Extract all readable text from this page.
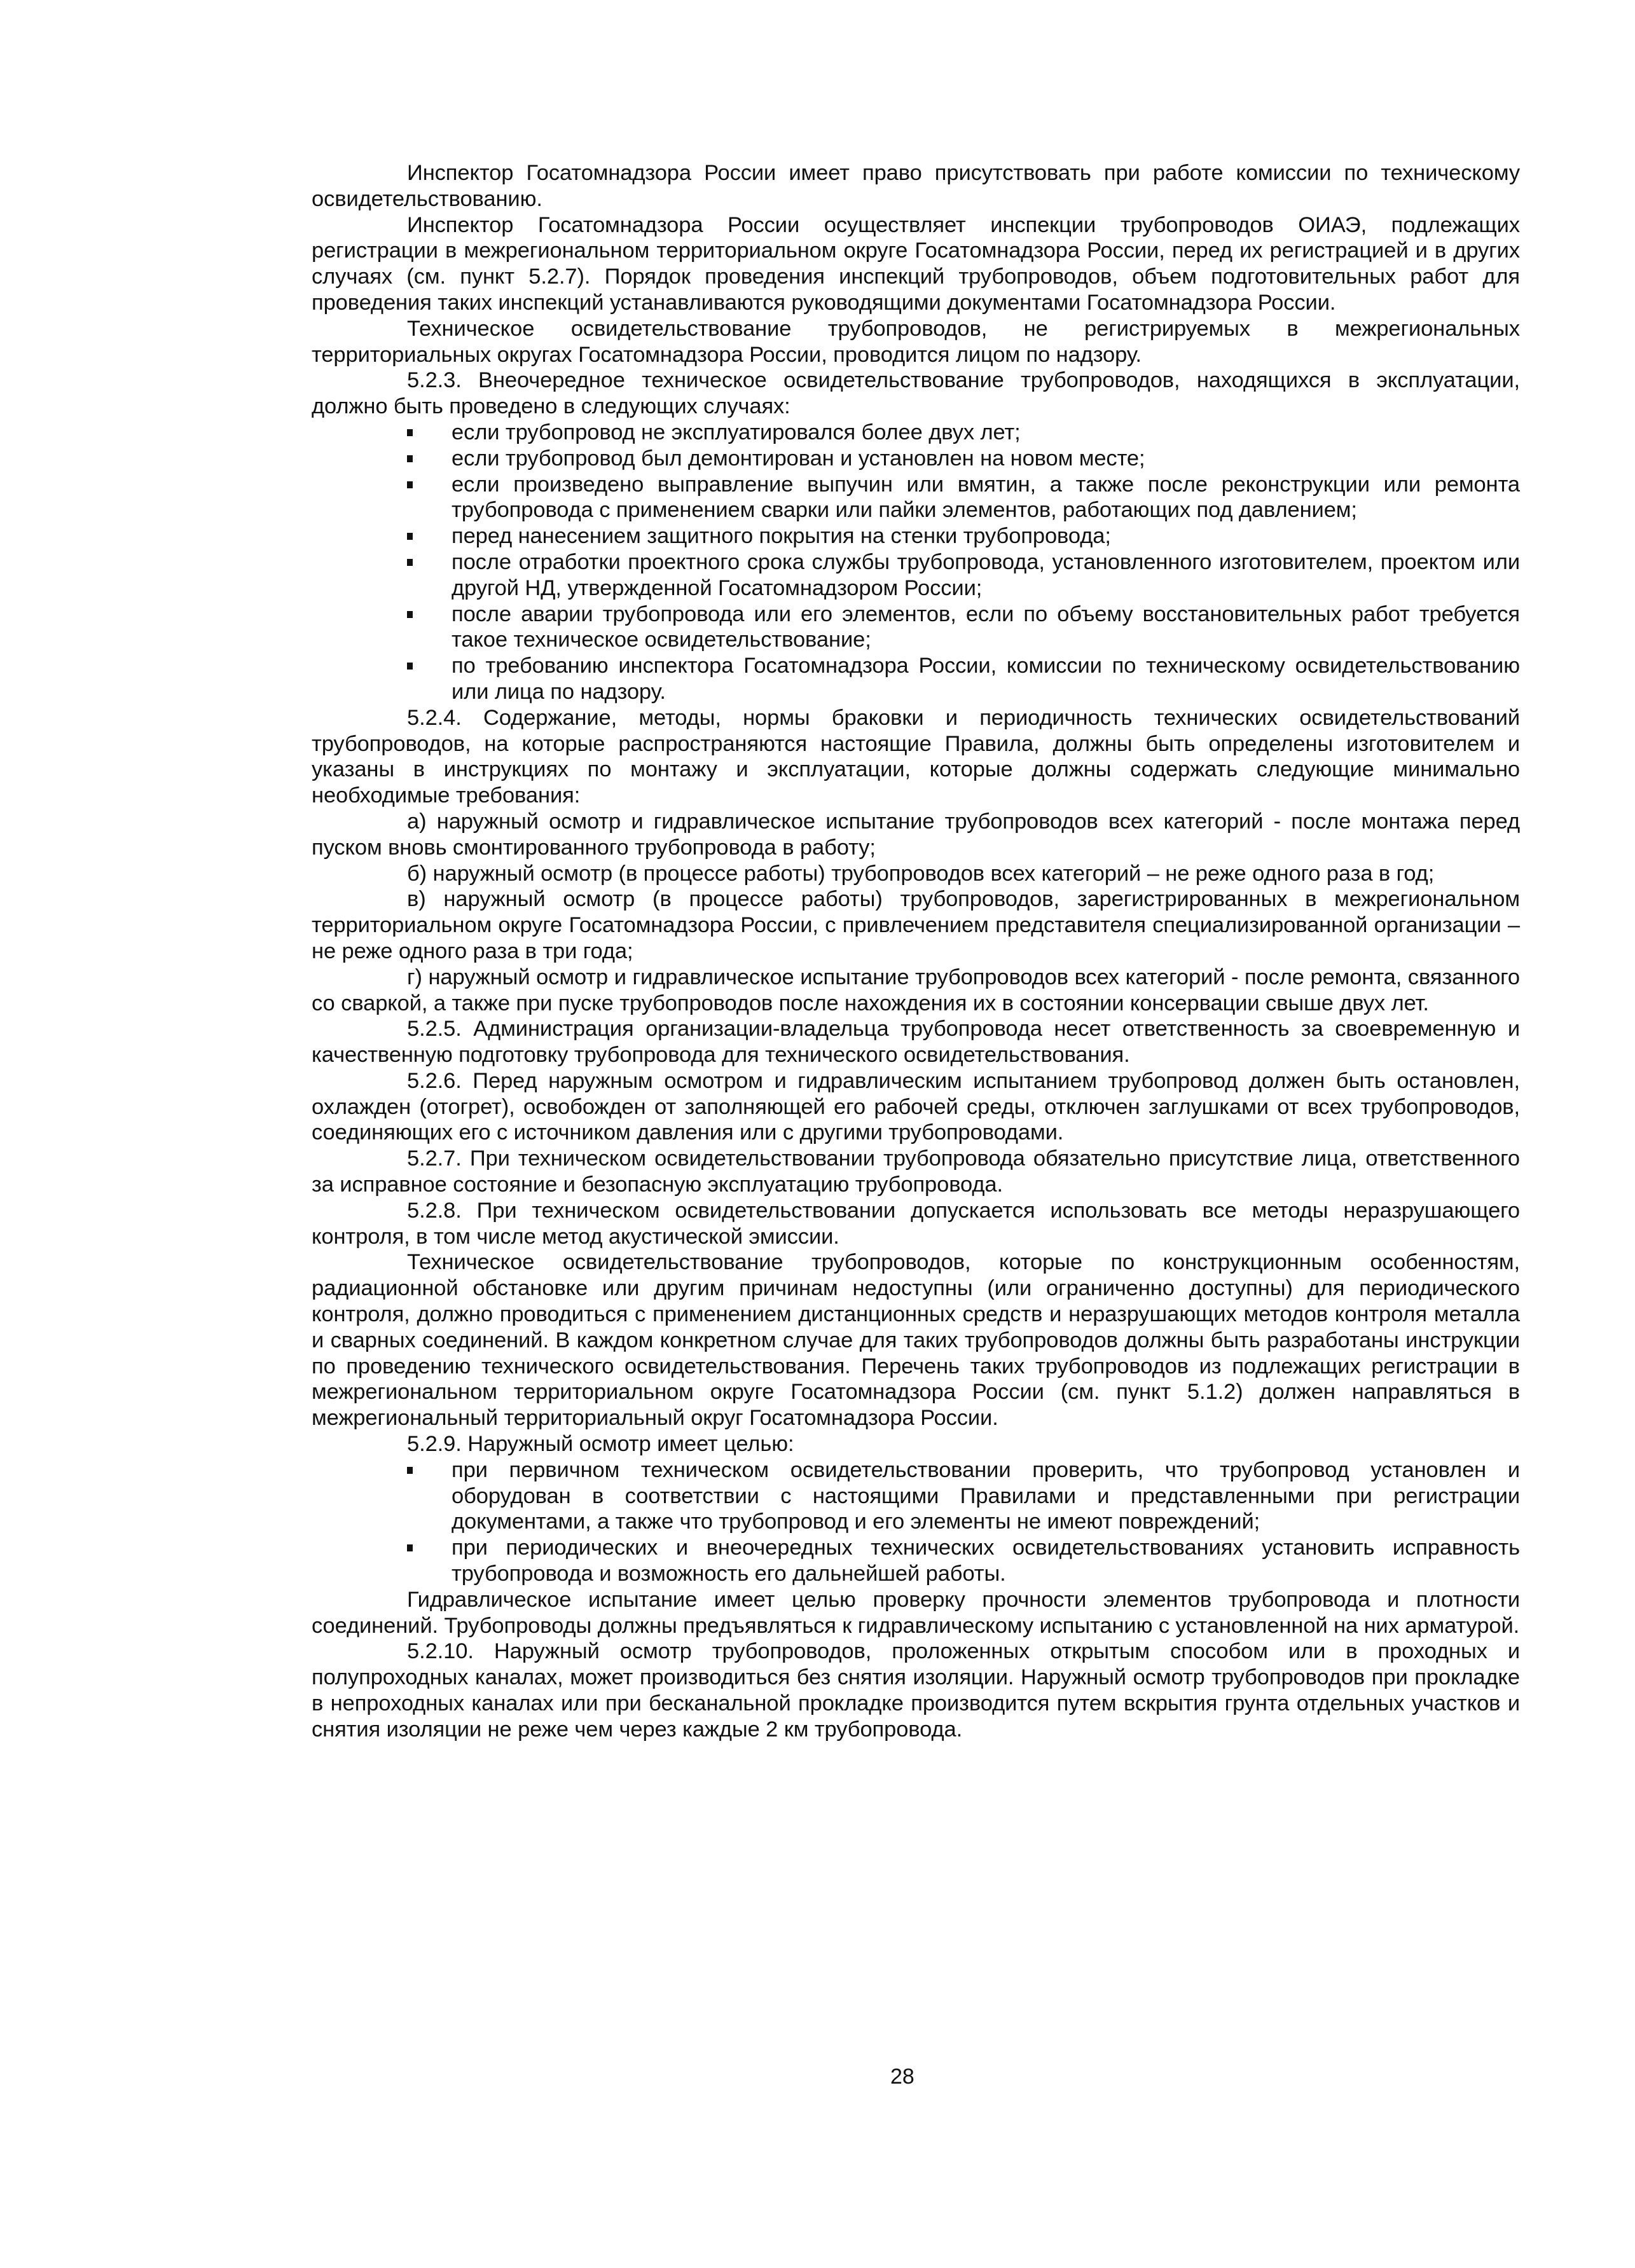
Инспектор Госатомнадзора России имеет право присутствовать при работе комиссии по техническому освидетельствованию.

Инспектор Госатомнадзора России осуществляет инспекции трубопроводов ОИАЭ, подлежащих регистрации в межрегиональном территориальном округе Госатомнадзора России, перед их регистрацией и в других случаях (см. пункт 5.2.7). Порядок проведения инспекций трубопроводов, объем подготовительных работ для проведения таких инспекций устанавливаются руководящими документами Госатомнадзора России.

Техническое освидетельствование трубопроводов, не регистрируемых в межрегиональных территориальных округах Госатомнадзора России, проводится лицом по надзору.

5.2.3. Внеочередное техническое освидетельствование трубопроводов, находящихся в эксплуатации, должно быть проведено в следующих случаях:

если трубопровод не эксплуатировался более двух лет;
если трубопровод был демонтирован и установлен на новом месте;
если произведено выправление выпучин или вмятин, а также после реконструкции или ремонта трубопровода с применением сварки или пайки элементов, работающих под давлением;
перед нанесением защитного покрытия на стенки трубопровода;
после отработки проектного срока службы трубопровода, установленного изготовителем, проектом или другой НД, утвержденной Госатомнадзором России;
после аварии трубопровода или его элементов, если по объему восстановительных работ требуется такое техническое освидетельствование;
по требованию инспектора Госатомнадзора России, комиссии по техническому освидетельствованию или лица по надзору.

5.2.4. Содержание, методы, нормы браковки и периодичность технических освидетельствований трубопроводов, на которые распространяются настоящие Правила, должны быть определены изготовителем и указаны в инструкциях по монтажу и эксплуатации, которые должны содержать следующие минимально необходимые требования:

а) наружный осмотр и гидравлическое испытание трубопроводов всех категорий - после монтажа перед пуском вновь смонтированного трубопровода в работу;

б) наружный осмотр (в процессе работы) трубопроводов всех категорий – не реже одного раза в год;

в) наружный осмотр (в процессе работы) трубопроводов, зарегистрированных в межрегиональном территориальном округе Госатомнадзора России, с привлечением представителя специализированной организации – не реже одного раза в три года;

г) наружный осмотр и гидравлическое испытание трубопроводов всех категорий - после ремонта, связанного со сваркой, а также при пуске трубопроводов после нахождения их в состоянии консервации свыше двух лет.

5.2.5. Администрация организации-владельца трубопровода несет ответственность за своевременную и качественную подготовку трубопровода для технического освидетельствования.

5.2.6. Перед наружным осмотром и гидравлическим испытанием трубопровод должен быть остановлен, охлажден (отогрет), освобожден от заполняющей его рабочей среды, отключен заглушками от всех трубопроводов, соединяющих его с источником давления или с другими трубопроводами.

5.2.7. При техническом освидетельствовании трубопровода обязательно присутствие лица, ответственного за исправное состояние и безопасную эксплуатацию трубопровода.

5.2.8. При техническом освидетельствовании допускается использовать все методы неразрушающего контроля, в том числе метод акустической эмиссии.

Техническое освидетельствование трубопроводов, которые по конструкционным особенностям, радиационной обстановке или другим причинам недоступны (или ограниченно доступны) для периодического контроля, должно проводиться с применением дистанционных средств и неразрушающих методов контроля металла и сварных соединений. В каждом конкретном случае для таких трубопроводов должны быть разработаны инструкции по проведению технического освидетельствования. Перечень таких трубопроводов из подлежащих регистрации в межрегиональном территориальном округе Госатомнадзора России (см. пункт 5.1.2) должен направляться в межрегиональный территориальный округ Госатомнадзора России.

5.2.9. Наружный осмотр имеет целью:

при первичном техническом освидетельствовании проверить, что трубопровод установлен и оборудован в соответствии с настоящими Правилами и представленными при регистрации документами, а также что трубопровод и его элементы не имеют повреждений;
при периодических и внеочередных технических освидетельствованиях установить исправность трубопровода и возможность его дальнейшей работы.

Гидравлическое испытание имеет целью проверку прочности элементов трубопровода и плотности соединений. Трубопроводы должны предъявляться к гидравлическому испытанию с установленной на них арматурой.

5.2.10. Наружный осмотр трубопроводов, проложенных открытым способом или в проходных и полупроходных каналах, может производиться без снятия изоляции. Наружный осмотр трубопроводов при прокладке в непроходных каналах или при бесканальной прокладке производится путем вскрытия грунта отдельных участков и снятия изоляции не реже чем через каждые 2 км трубопровода.

28
